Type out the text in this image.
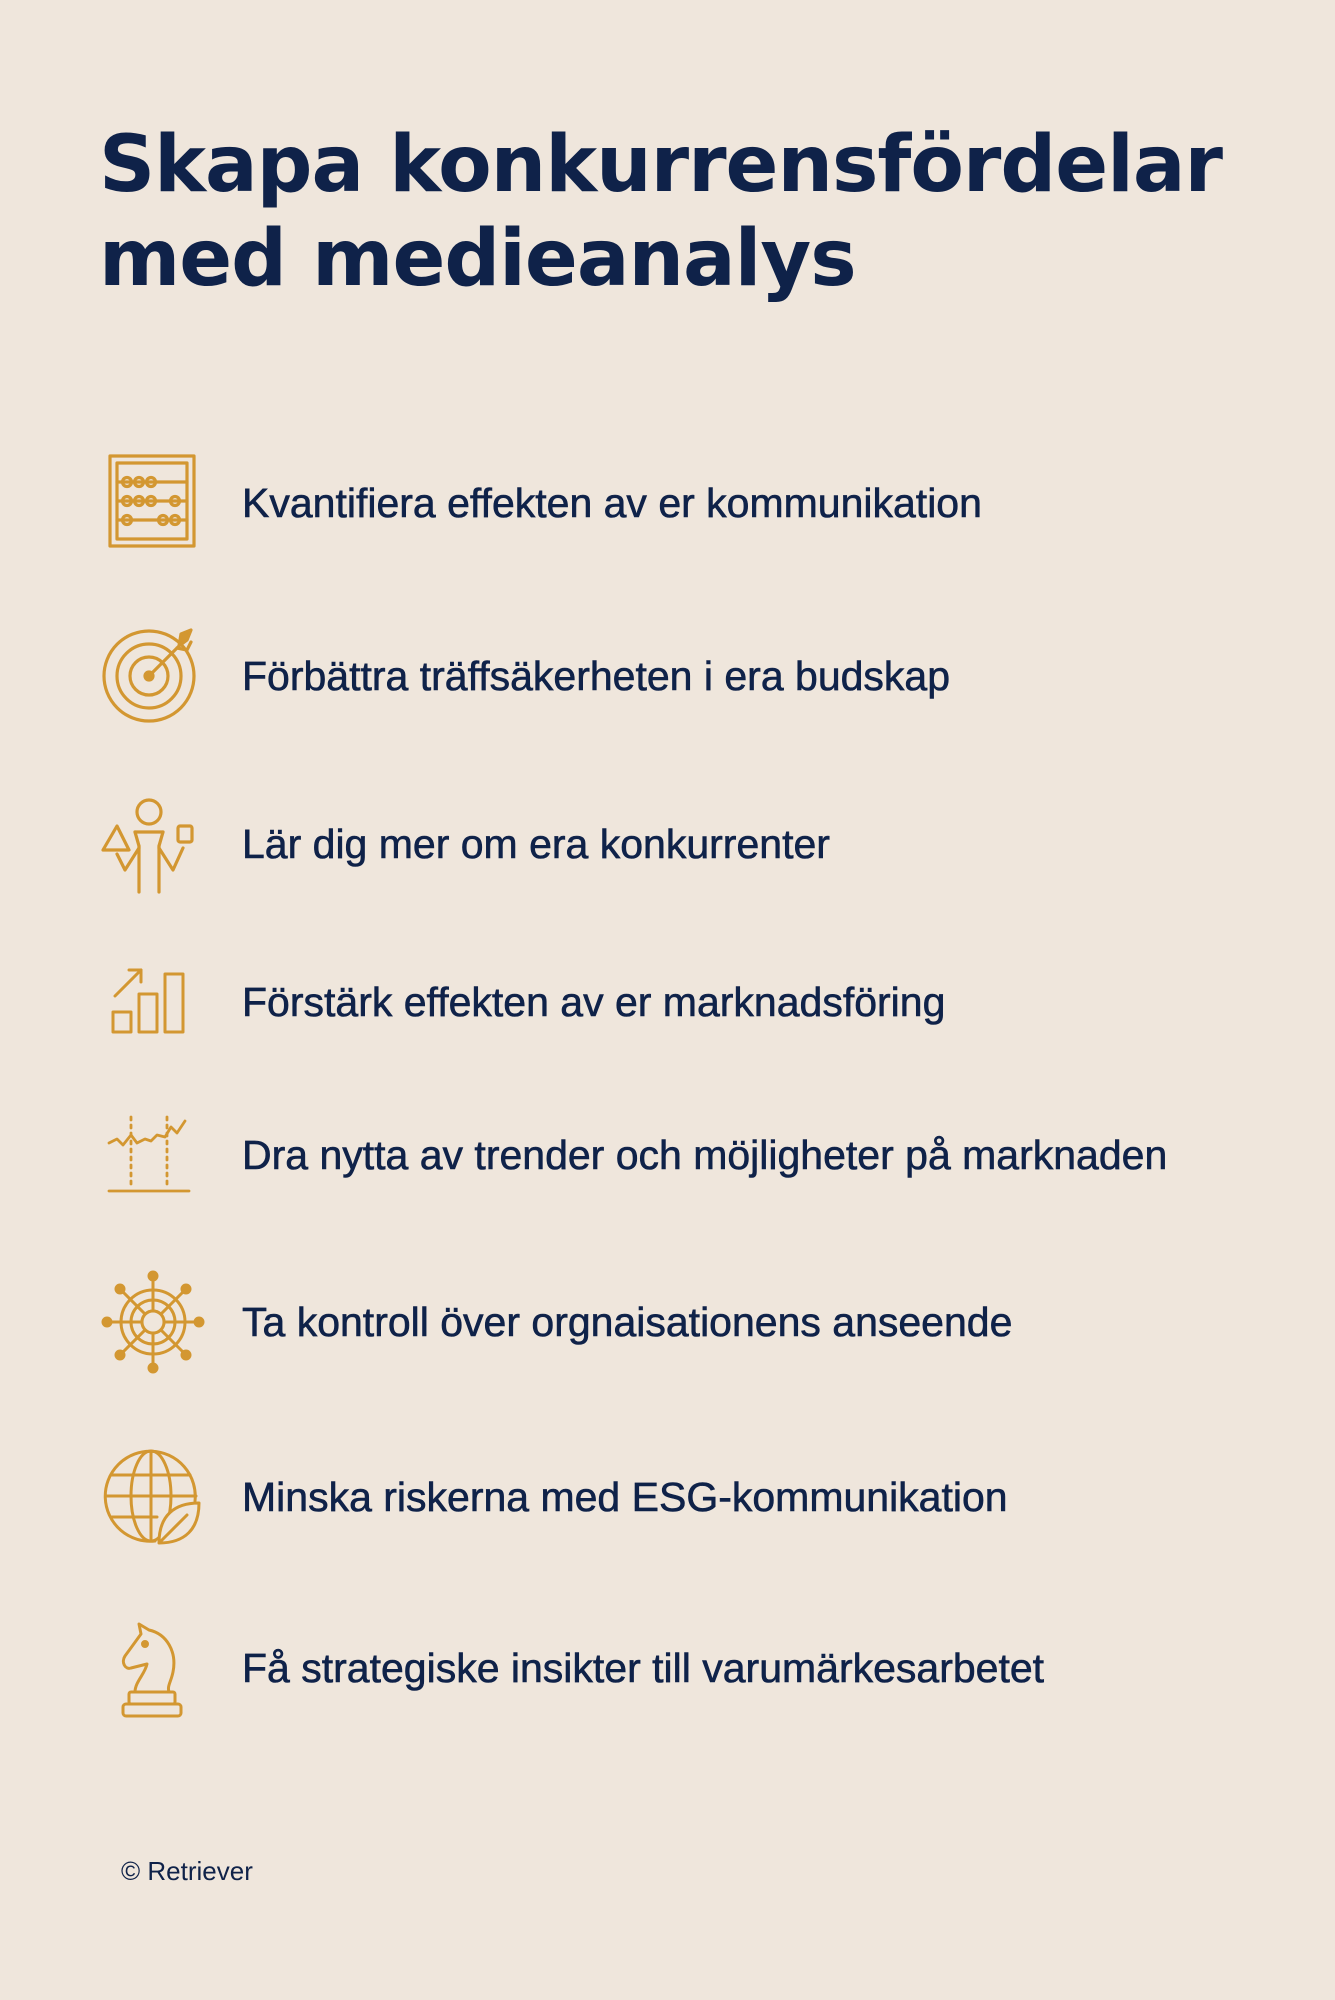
Skapa konkurrensfördelar
med medieanalys
Kvantifiera effekten av er kommunikation
Förbättra träffsäkerheten i era budskap
Lär dig mer om era konkurrenter
Förstärk effekten av er marknadsföring
Dra nytta av trender och möjligheter på marknaden
Ta kontroll över orgnaisationens anseende
Minska riskerna med ESG-kommunikation
Få strategiske insikter till varumärkesarbetet
© Retriever
